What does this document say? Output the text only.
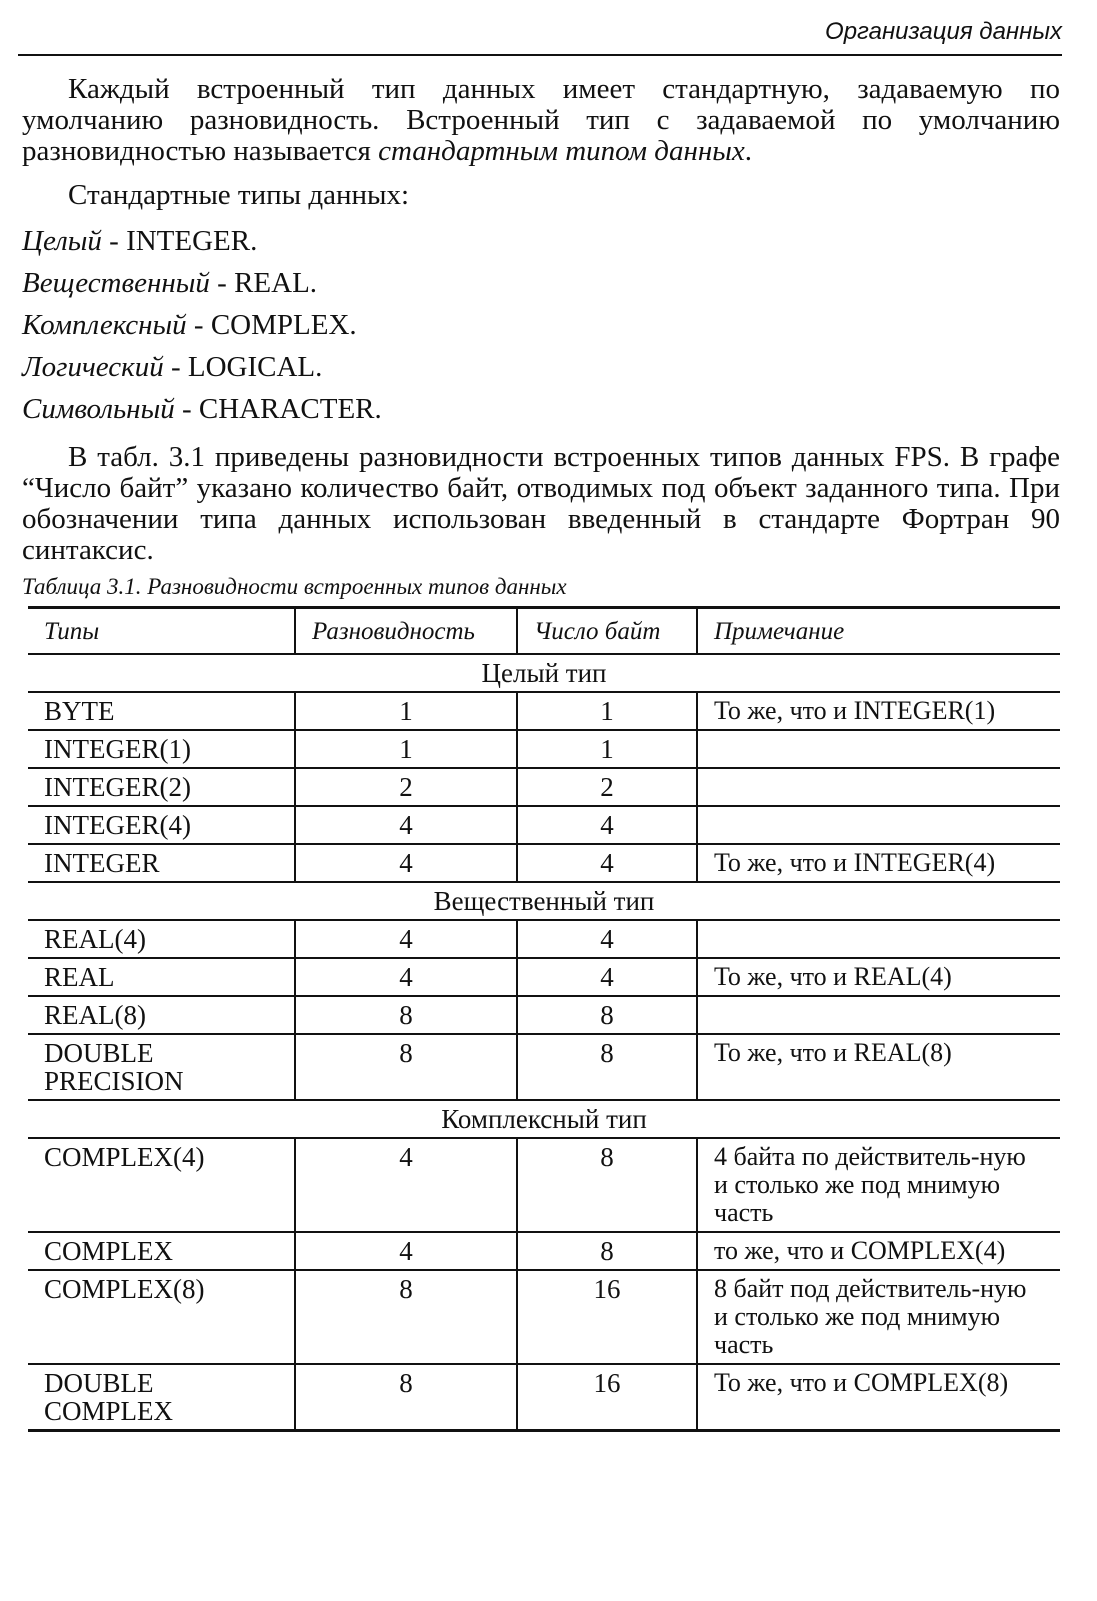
Организация данных
Каждый встроенный тип данных имеет стандартную, задаваемую по умолчанию разновидность. Встроенный тип с задаваемой по умолчанию разновидностью называется стандартным типом данных.
Стандартные типы данных:
Целый - INTEGER.
Вещественный - REAL.
Комплексный - COMPLEX.
Логический - LOGICAL.
Символьный - CHARACTER.
В табл. 3.1 приведены разновидности встроенных типов данных FPS. В графе “Число байт” указано количество байт, отводимых под объект заданного типа. При обозначении типа данных использован введенный в стандарте Фортран 90 синтаксис.
Таблица 3.1. Разновидности встроенных типов данных
Типы	Разновидность	Число байт	Примечание
Целый тип			
BYTE	1	1	То же, что и INTEGER(1)
INTEGER(1)	1	1	
INTEGER(2)	2	2	
INTEGER(4)	4	4	
INTEGER	4	4	То же, что и INTEGER(4)
Вещественный тип			
REAL(4)	4	4	
REAL	4	4	То же, что и REAL(4)
REAL(8)	8	8	
DOUBLE PRECISION	8	8	То же, что и REAL(8)
Комплексный тип			
COMPLEX(4)	4	8	4 байта по действитель-ную и столько же под мнимую часть
COMPLEX	4	8	то же, что и COMPLEX(4)
COMPLEX(8)	8	16	8 байт под действитель-ную и столько же под мнимую часть
DOUBLE COMPLEX	8	16	То же, что и COMPLEX(8)
